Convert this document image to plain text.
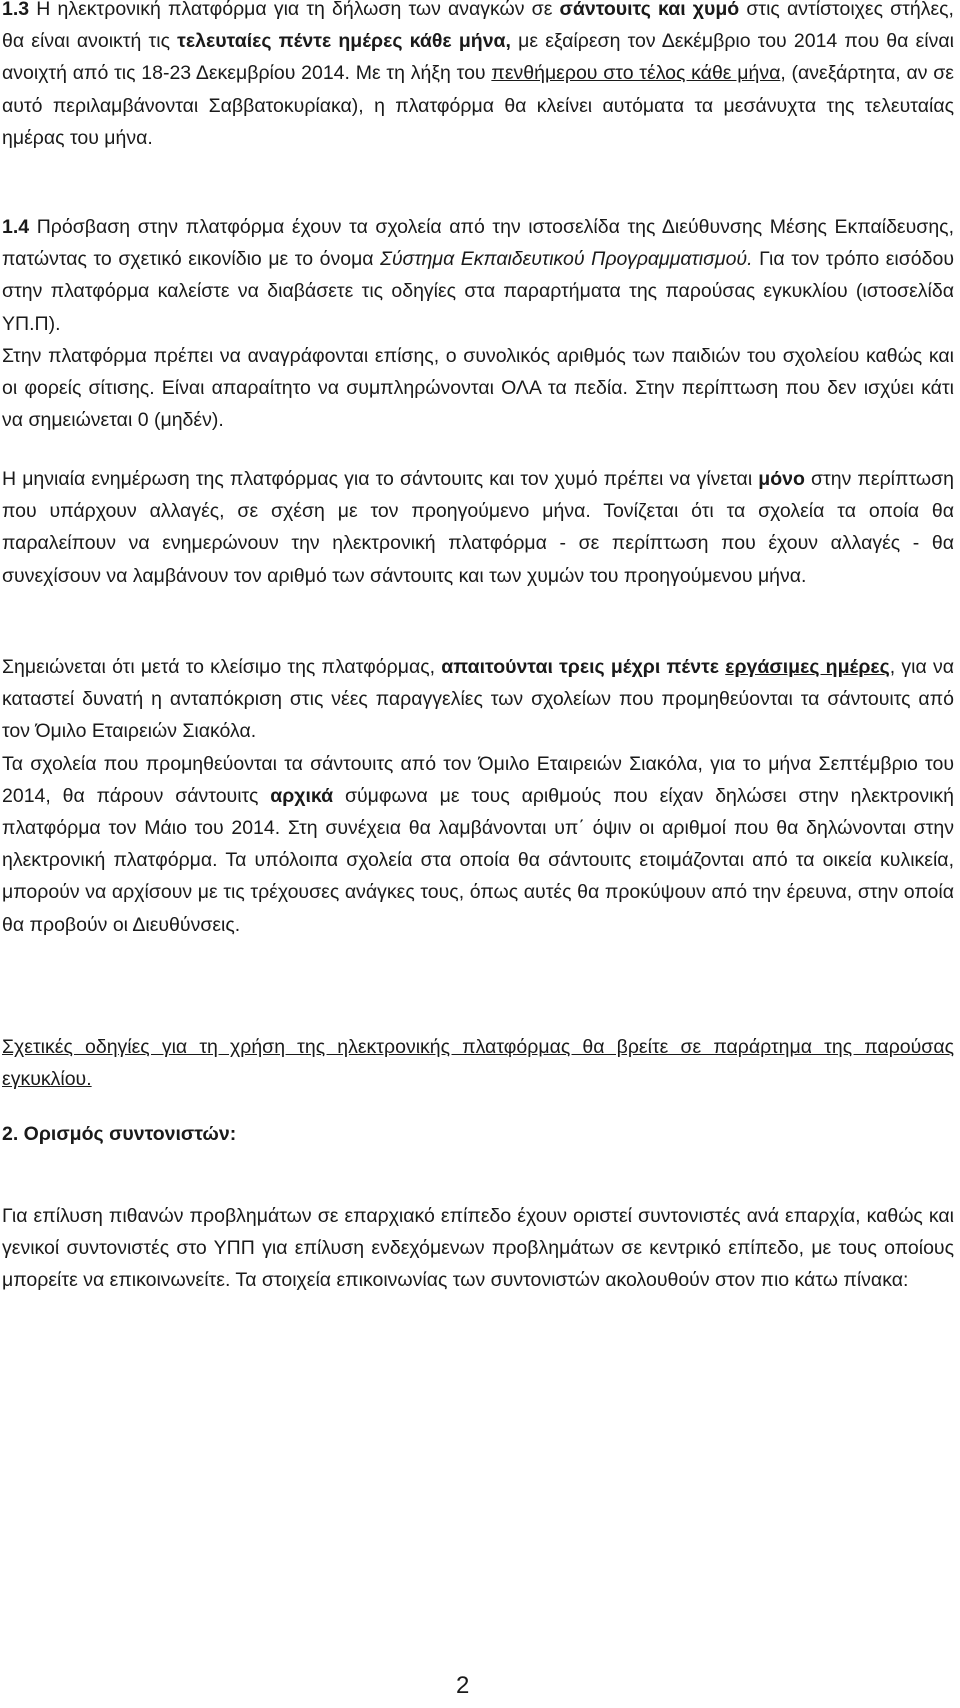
1.3 Η ηλεκτρονική πλατφόρμα για τη δήλωση των αναγκών σε σάντουιτς και χυμό στις αντίστοιχες στήλες, θα είναι ανοικτή τις τελευταίες πέντε ημέρες κάθε μήνα, με εξαίρεση τον Δεκέμβριο του 2014 που θα είναι ανοιχτή από τις 18-23 Δεκεμβρίου 2014. Με τη λήξη του πενθήμερου στο τέλος κάθε μήνα, (ανεξάρτητα, αν σε αυτό περιλαμβάνονται Σαββατοκυρίακα), η πλατφόρμα θα κλείνει αυτόματα τα μεσάνυχτα της τελευταίας ημέρας του μήνα.

1.4 Πρόσβαση στην πλατφόρμα έχουν τα σχολεία από την ιστοσελίδα της Διεύθυνσης Μέσης Εκπαίδευσης, πατώντας το σχετικό εικονίδιο με το όνομα Σύστημα Εκπαιδευτικού Προγραμματισμού. Για τον τρόπο εισόδου στην πλατφόρμα καλείστε να διαβάσετε τις οδηγίες στα παραρτήματα της παρούσας εγκυκλίου (ιστοσελίδα ΥΠ.Π).
Στην πλατφόρμα πρέπει να αναγράφονται επίσης, ο συνολικός αριθμός των παιδιών του σχολείου καθώς και οι φορείς σίτισης. Είναι απαραίτητο να συμπληρώνονται ΟΛΑ τα πεδία. Στην περίπτωση που δεν ισχύει κάτι να σημειώνεται 0 (μηδέν).

Η μηνιαία ενημέρωση της πλατφόρμας για το σάντουιτς και τον χυμό πρέπει να γίνεται μόνο στην περίπτωση που υπάρχουν αλλαγές, σε σχέση με τον προηγούμενο μήνα. Τονίζεται ότι τα σχολεία τα οποία θα παραλείπουν να ενημερώνουν την ηλεκτρονική πλατφόρμα - σε περίπτωση που έχουν αλλαγές - θα συνεχίσουν να λαμβάνουν τον αριθμό των σάντουιτς και των χυμών του προηγούμενου μήνα.

Σημειώνεται ότι μετά το κλείσιμο της πλατφόρμας, απαιτούνται τρεις μέχρι πέντε εργάσιμες ημέρες, για να καταστεί δυνατή η ανταπόκριση στις νέες παραγγελίες των σχολείων που προμηθεύονται τα σάντουιτς από τον Όμιλο Εταιρειών Σιακόλα.
Τα σχολεία που προμηθεύονται τα σάντουιτς από τον Όμιλο Εταιρειών Σιακόλα, για το μήνα Σεπτέμβριο του 2014, θα πάρουν σάντουιτς αρχικά σύμφωνα με τους αριθμούς που είχαν δηλώσει στην ηλεκτρονική πλατφόρμα τον Μάιο του 2014. Στη συνέχεια θα λαμβάνονται υπ΄ όψιν οι αριθμοί που θα δηλώνονται στην ηλεκτρονική πλατφόρμα. Τα υπόλοιπα σχολεία στα οποία θα σάντουιτς ετοιμάζονται από τα οικεία κυλικεία, μπορούν να αρχίσουν με τις τρέχουσες ανάγκες τους, όπως αυτές θα προκύψουν από την έρευνα, στην οποία θα προβούν οι Διευθύνσεις.

Σχετικές οδηγίες για τη χρήση της ηλεκτρονικής πλατφόρμας θα βρείτε σε παράρτημα της παρούσας εγκυκλίου.

2. Ορισμός συντονιστών:

Για επίλυση πιθανών προβλημάτων σε επαρχιακό επίπεδο έχουν οριστεί συντονιστές ανά επαρχία, καθώς και γενικοί συντονιστές στο ΥΠΠ για επίλυση ενδεχόμενων προβλημάτων σε κεντρικό επίπεδο, με τους οποίους μπορείτε να επικοινωνείτε. Τα στοιχεία επικοινωνίας των συντονιστών ακολουθούν στον πιο κάτω πίνακα:

2
